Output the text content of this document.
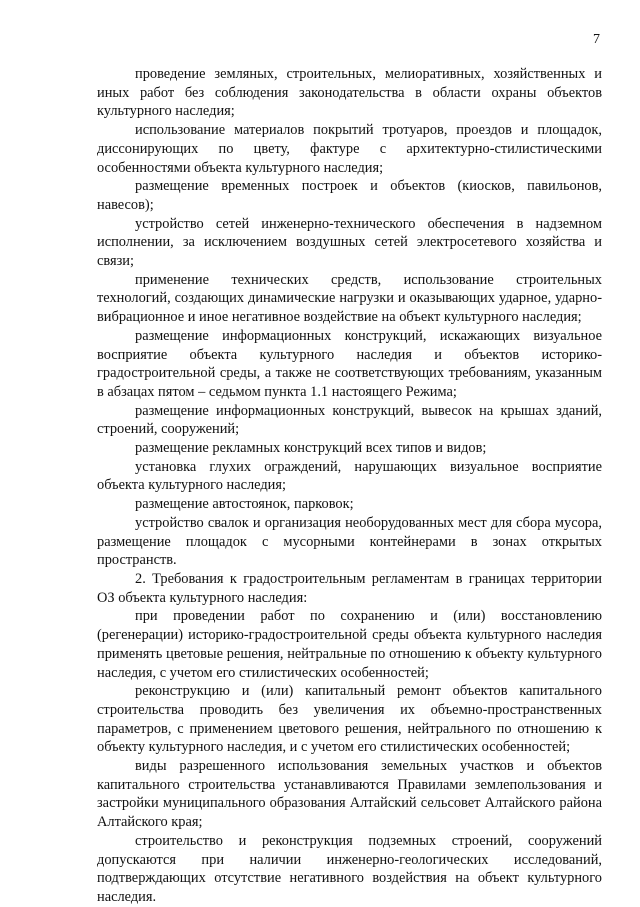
7

проведение земляных, строительных, мелиоративных, хозяйственных и иных работ без соблюдения законодательства в области охраны объектов культурного наследия;

использование материалов покрытий тротуаров, проездов и площадок, диссонирующих по цвету, фактуре с архитектурно-стилистическими особенностями объекта культурного наследия;

размещение временных построек и объектов (киосков, павильонов, навесов);

устройство сетей инженерно-технического обеспечения в надземном исполнении, за исключением воздушных сетей электросетевого хозяйства и связи;

применение технических средств, использование строительных технологий, создающих динамические нагрузки и оказывающих ударное, ударно-вибрационное и иное негативное воздействие на объект культурного наследия;

размещение информационных конструкций, искажающих визуальное восприятие объекта культурного наследия и объектов историко-градостроительной среды, а также не соответствующих требованиям, указанным в абзацах пятом – седьмом пункта 1.1 настоящего Режима;

размещение информационных конструкций, вывесок на крышах зданий, строений, сооружений;

размещение рекламных конструкций всех типов и видов;

установка глухих ограждений, нарушающих визуальное восприятие объекта культурного наследия;

размещение автостоянок, парковок;

устройство свалок и организация необорудованных мест для сбора мусора, размещение площадок с мусорными контейнерами в зонах открытых пространств.

2. Требования к градостроительным регламентам в границах территории ОЗ объекта культурного наследия:

при проведении работ по сохранению и (или) восстановлению (регенерации) историко-градостроительной среды объекта культурного наследия применять цветовые решения, нейтральные по отношению к объекту культурного наследия, с учетом его стилистических особенностей;

реконструкцию и (или) капитальный ремонт объектов капитального строительства проводить без увеличения их объемно-пространственных параметров, с применением цветового решения, нейтрального по отношению к объекту культурного наследия, и с учетом его стилистических особенностей;

виды разрешенного использования земельных участков и объектов капитального строительства устанавливаются Правилами землепользования и застройки муниципального образования Алтайский сельсовет Алтайского района Алтайского края;

строительство и реконструкция подземных строений, сооружений допускаются при наличии инженерно-геологических исследований, подтверждающих отсутствие негативного воздействия на объект культурного наследия.
